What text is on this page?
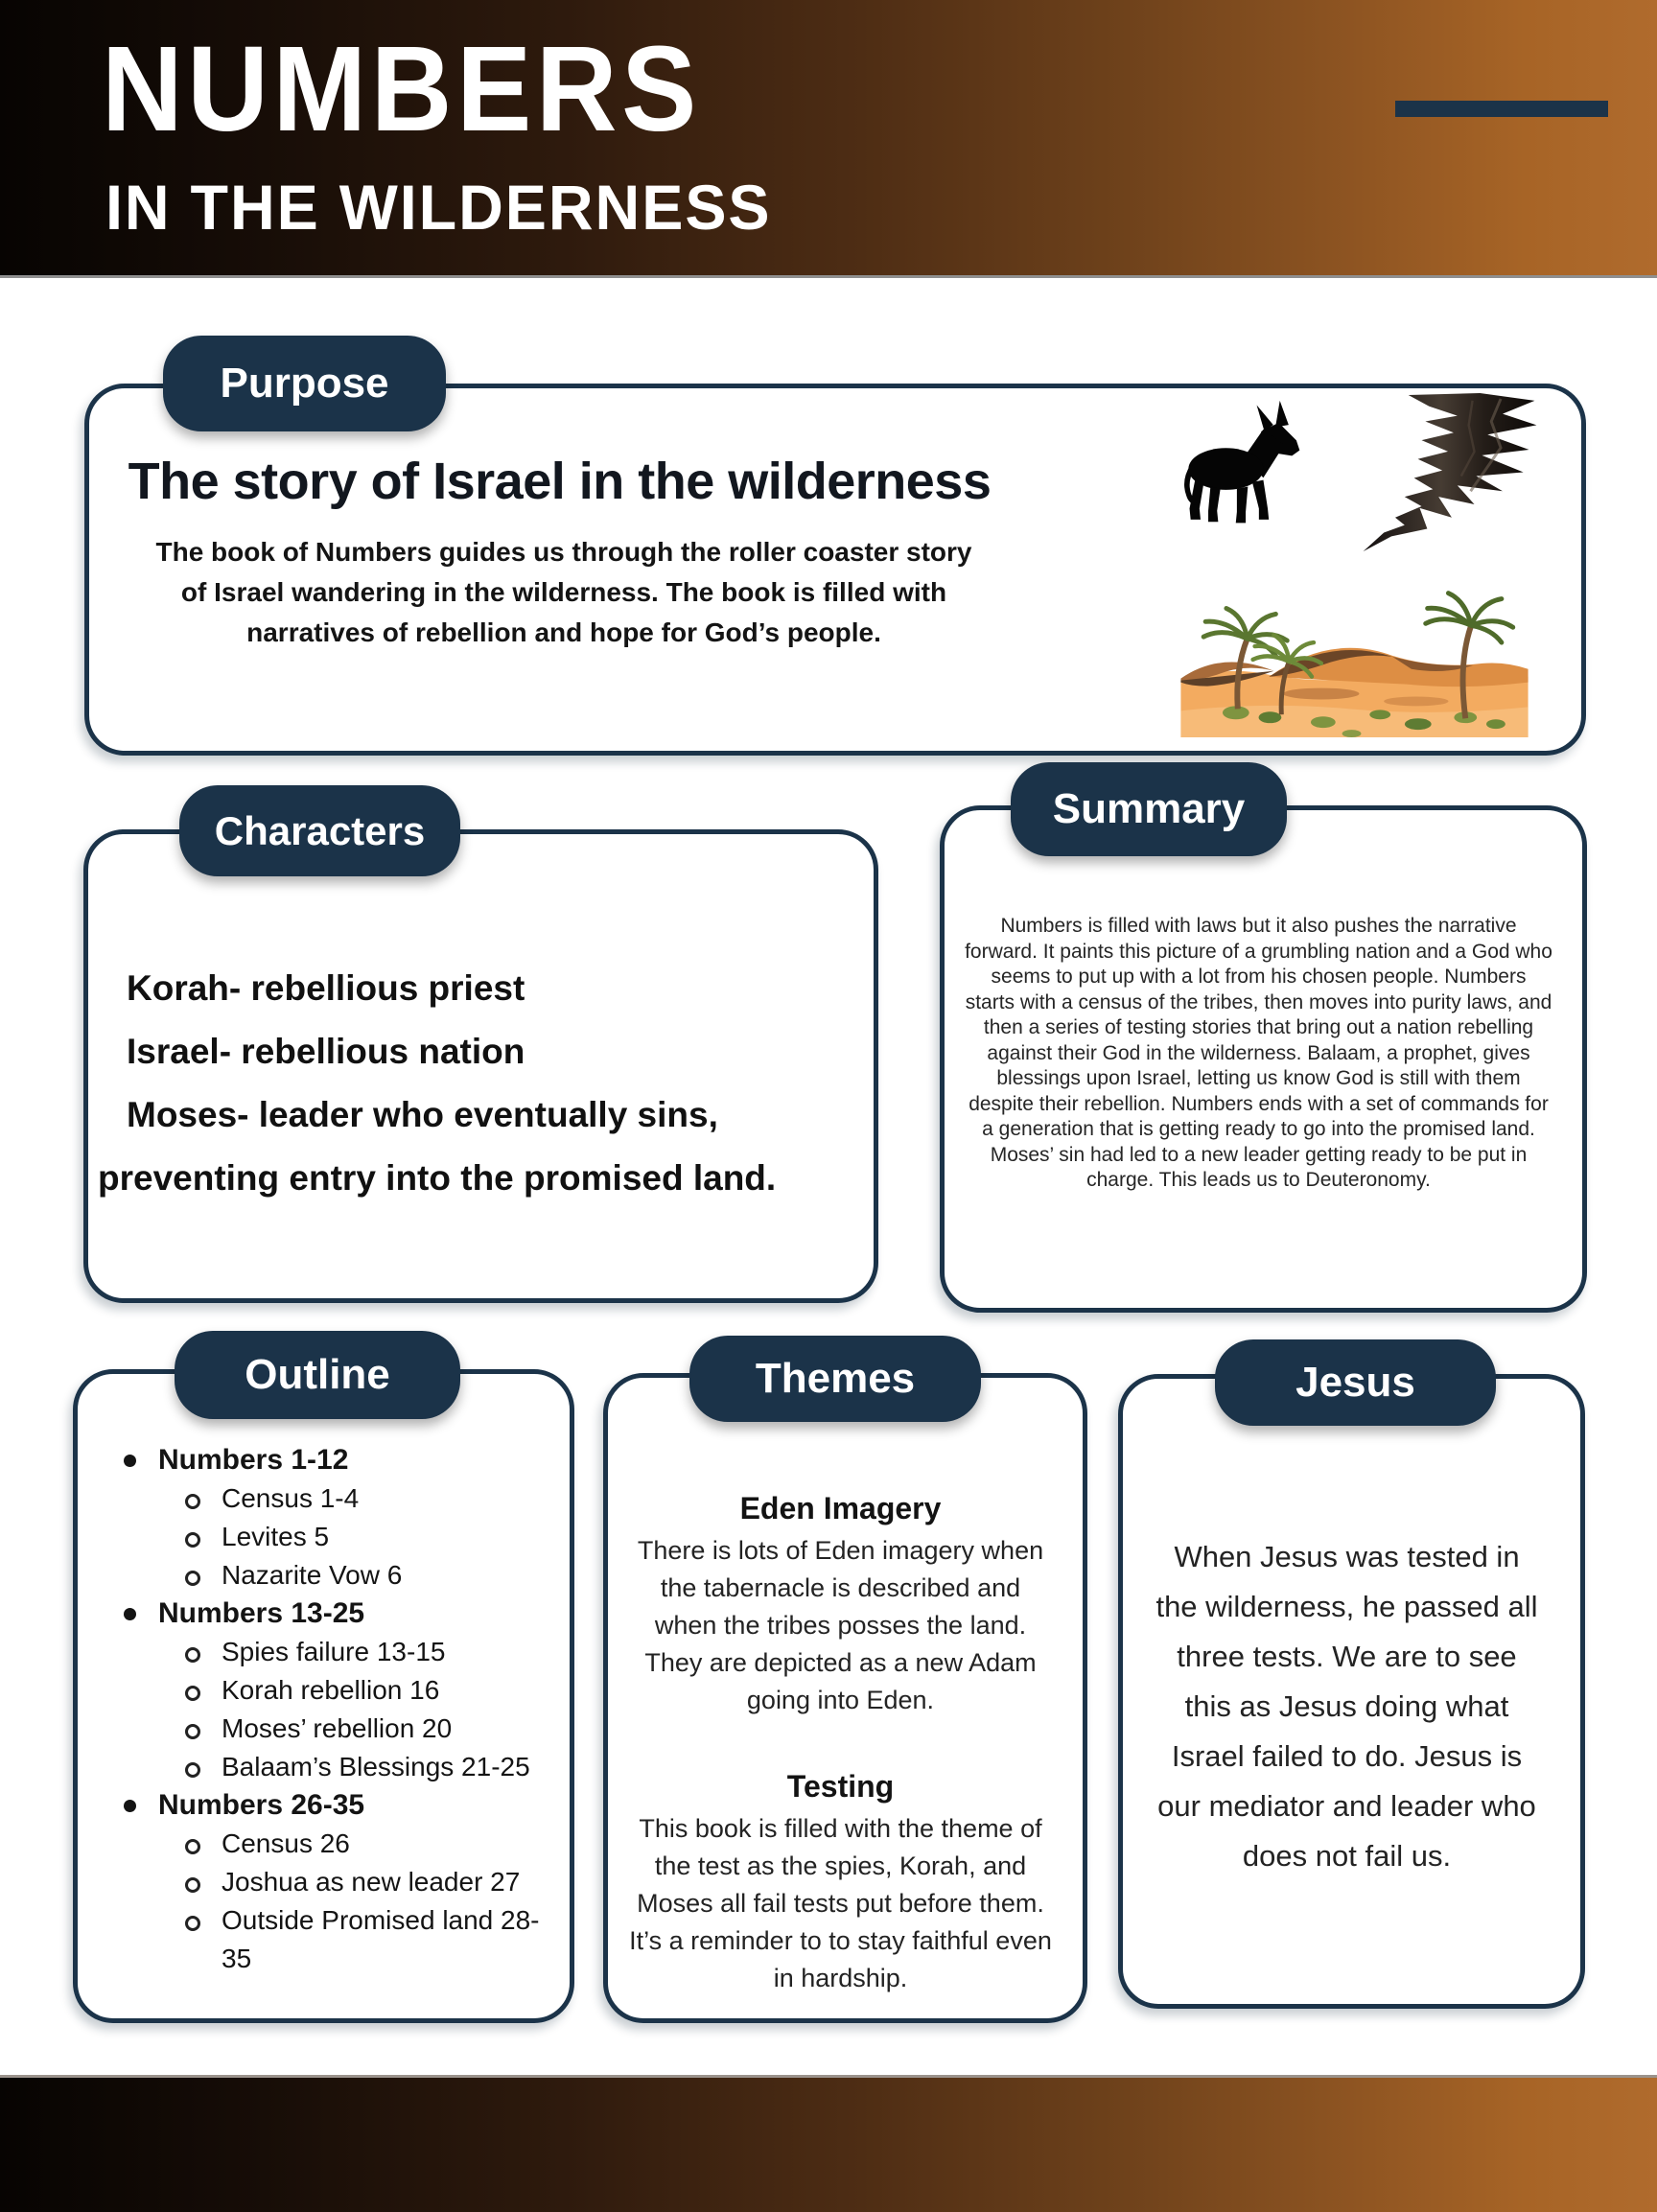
NUMBERS
IN THE WILDERNESS
Purpose
The story of Israel in the wilderness

The book of Numbers guides us through the roller coaster story of Israel wandering in the wilderness. The book is filled with narratives of rebellion and hope for God’s people.

Characters
Korah- rebellious priest
Israel- rebellious nation
Moses- leader who eventually sins,
preventing entry into the promised land.
Summary

Numbers is filled with laws but it also pushes the narrative forward. It paints this picture of a grumbling nation and a God who seems to put up with a lot from his chosen people. Numbers starts with a census of the tribes, then moves into purity laws, and then a series of testing stories that bring out a nation rebelling against their God in the wilderness. Balaam, a prophet, gives blessings upon Israel, letting us know God is still with them despite their rebellion. Numbers ends with a set of commands for a generation that is getting ready to go into the promised land. Moses’ sin had led to a new leader getting ready to be put in charge. This leads us to Deuteronomy.

Outline
Numbers 1-12
Census 1-4
Levites 5
Nazarite Vow 6
Numbers 13-25
Spies failure 13-15
Korah rebellion 16
Moses’ rebellion 20
Balaam’s Blessings 21-25
Numbers 26-35
Census 26
Joshua as new leader 27
Outside Promised land 28-35
Themes
Eden Imagery

There is lots of Eden imagery when the tabernacle is described and when the tribes posses the land. They are depicted as a new Adam going into Eden.

Testing

This book is filled with the theme of the test as the spies, Korah, and Moses all fail tests put before them. It’s a reminder to to stay faithful even in hardship.

Jesus

When Jesus was tested in the wilderness, he passed all three tests. We are to see this as Jesus doing what Israel failed to do. Jesus is our mediator and leader who does not fail us.
